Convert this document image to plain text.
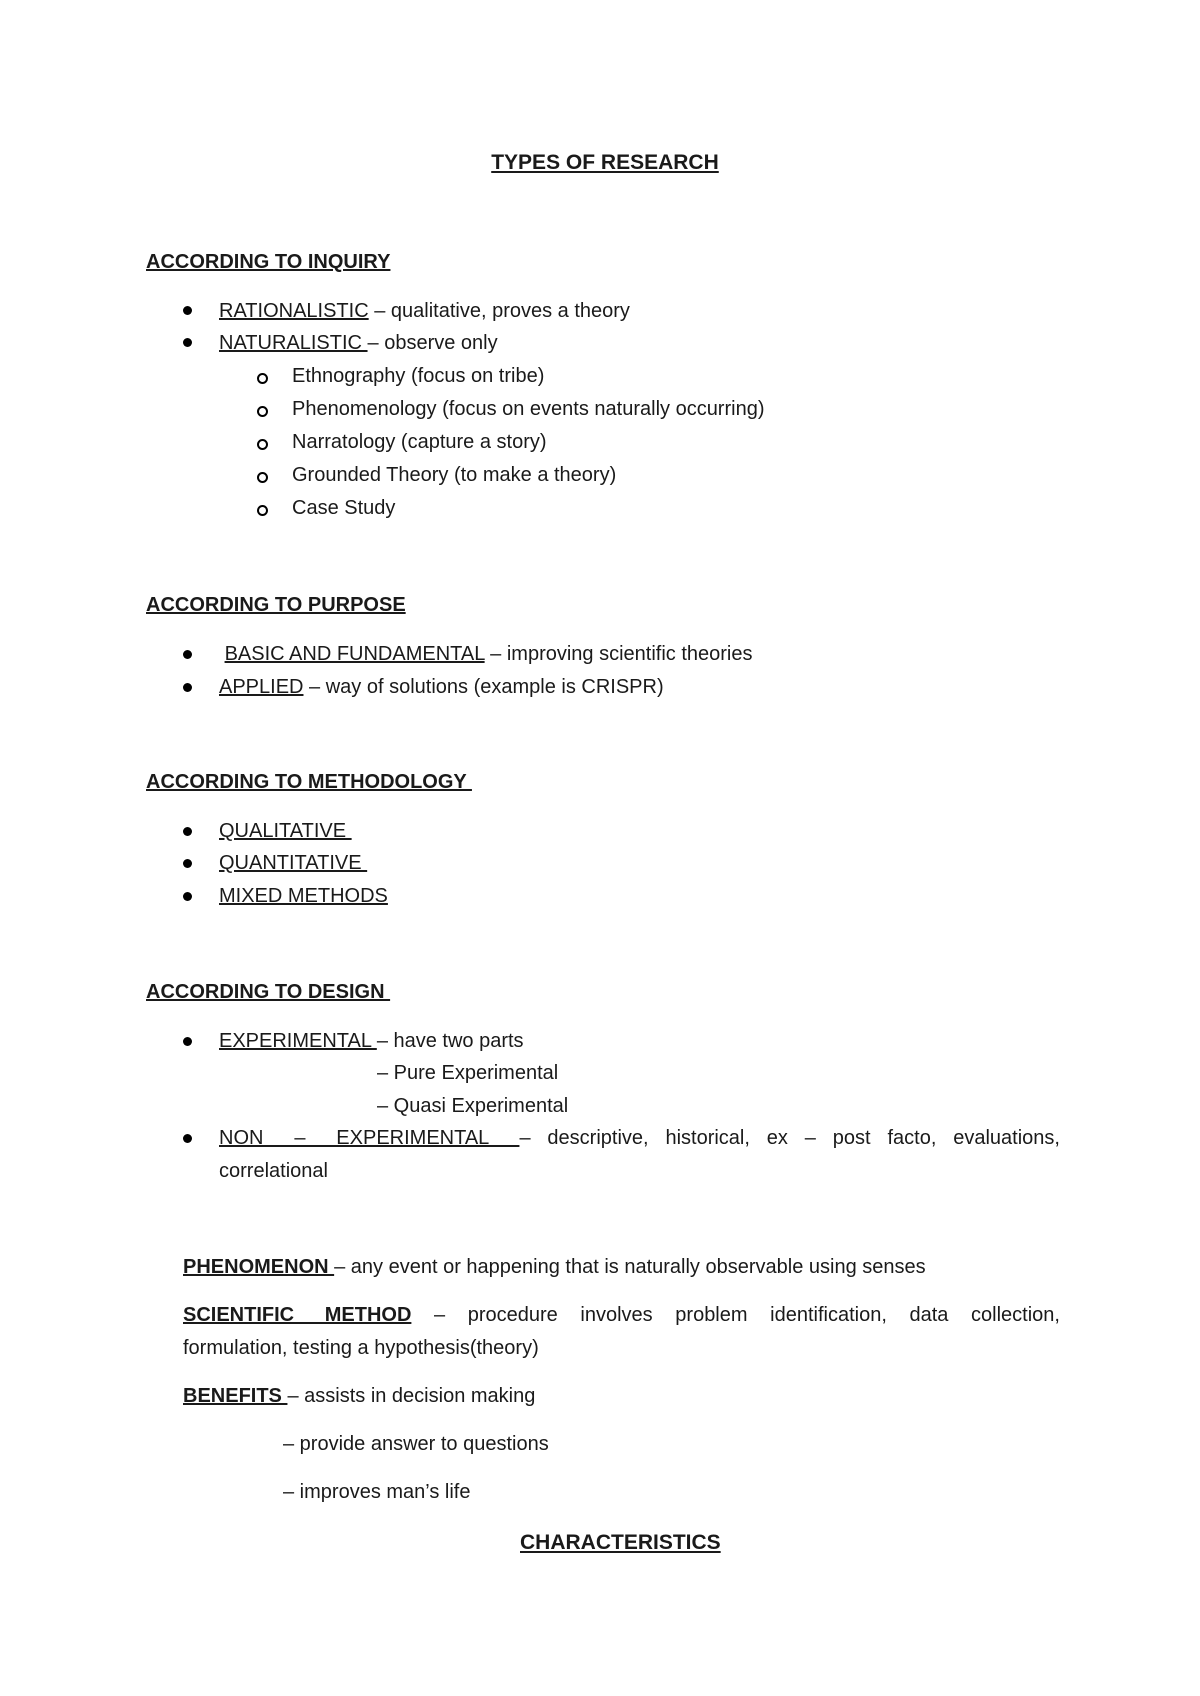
TYPES OF RESEARCH
ACCORDING TO INQUIRY
RATIONALISTIC – qualitative, proves a theory
NATURALISTIC – observe only
Ethnography (focus on tribe)
Phenomenology (focus on events naturally occurring)
Narratology (capture a story)
Grounded Theory (to make a theory)
Case Study
ACCORDING TO PURPOSE
BASIC AND FUNDAMENTAL – improving scientific theories
APPLIED – way of solutions (example is CRISPR)
ACCORDING TO METHODOLOGY
QUALITATIVE
QUANTITATIVE
MIXED METHODS
ACCORDING TO DESIGN
EXPERIMENTAL – have two parts
– Pure Experimental
– Quasi Experimental
NON – EXPERIMENTAL – descriptive, historical, ex – post facto, evaluations,
correlational
PHENOMENON – any event or happening that is naturally observable using senses
SCIENTIFIC METHOD – procedure involves problem identification, data collection,
formulation, testing a hypothesis(theory)
BENEFITS – assists in decision making
– provide answer to questions
– improves man’s life
CHARACTERISTICS
